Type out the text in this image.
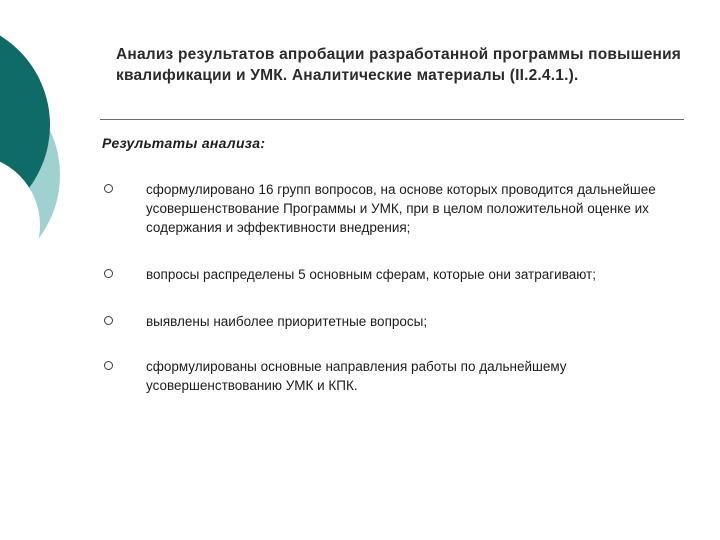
Анализ результатов апробации разработанной программы повышения квалификации и УМК. Аналитические материалы (II.2.4.1.).

Результаты анализа:

сформулировано 16 групп вопросов, на основе которых проводится дальнейшее усовершенствование Программы и УМК, при в целом положительной оценке их содержания и эффективности внедрения;

вопросы распределены 5 основным сферам, которые они затрагивают;

выявлены наиболее приоритетные вопросы;

сформулированы основные направления работы по дальнейшему усовершенствованию УМК и КПК.
